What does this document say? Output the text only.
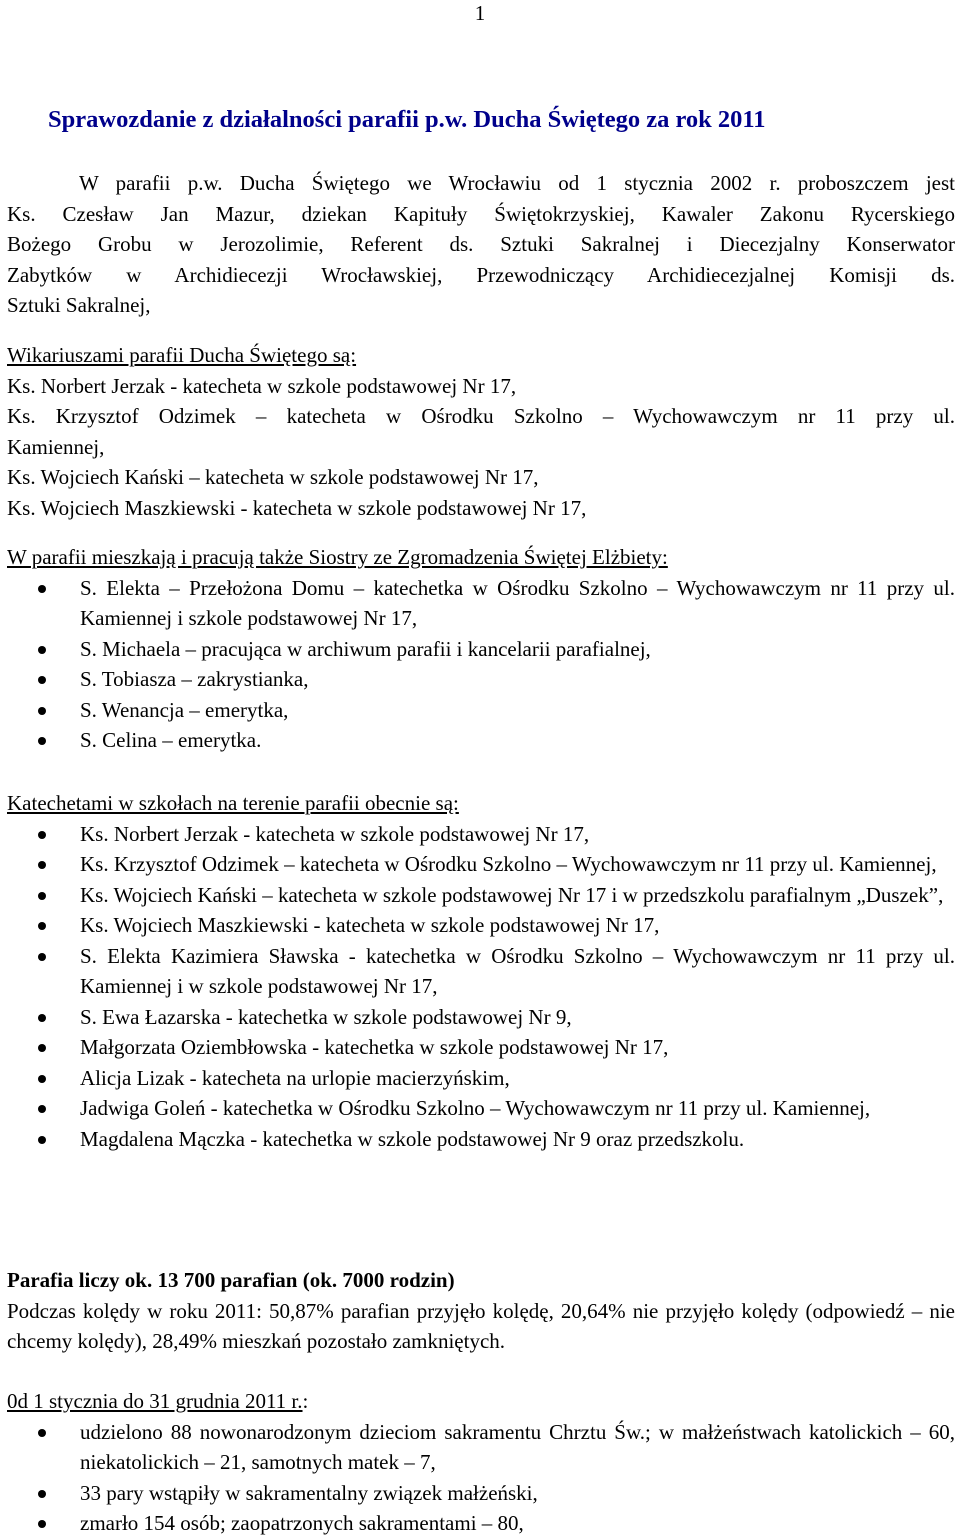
1
Sprawozdanie z działalności parafii p.w. Ducha Świętego za rok 2011
W parafii p.w. Ducha Świętego we Wrocławiu od 1 stycznia 2002 r. proboszczem jest
Ks. Czesław Jan Mazur, dziekan Kapituły Świętokrzyskiej, Kawaler Zakonu Rycerskiego
Bożego Grobu w Jerozolimie, Referent ds. Sztuki Sakralnej i Diecezjalny Konserwator
Zabytków w Archidiecezji Wrocławskiej, Przewodniczący Archidiecezjalnej Komisji ds.
Sztuki Sakralnej,
Wikariuszami parafii Ducha Świętego są:
Ks. Norbert Jerzak - katecheta w szkole podstawowej Nr 17,
Ks. Krzysztof Odzimek – katecheta w Ośrodku Szkolno – Wychowawczym nr 11 przy ul.
Kamiennej,
Ks. Wojciech Kański – katecheta w szkole podstawowej Nr 17,
Ks. Wojciech Maszkiewski - katecheta w szkole podstawowej Nr 17,
W parafii mieszkają i pracują także Siostry ze Zgromadzenia Świętej Elżbiety:
S. Elekta – Przełożona Domu – katechetka w Ośrodku Szkolno – Wychowawczym nr 11 przy ul. Kamiennej i szkole podstawowej Nr 17,
S. Michaela – pracująca w archiwum parafii i kancelarii parafialnej,
S. Tobiasza – zakrystianka,
S. Wenancja – emerytka,
S. Celina – emerytka.
Katechetami w szkołach na terenie parafii obecnie są:
Ks. Norbert Jerzak - katecheta w szkole podstawowej Nr 17,
Ks. Krzysztof Odzimek – katecheta w Ośrodku Szkolno – Wychowawczym nr 11 przy ul. Kamiennej,
Ks. Wojciech Kański – katecheta w szkole podstawowej Nr 17 i w przedszkolu parafialnym „Duszek”,
Ks. Wojciech Maszkiewski - katecheta w szkole podstawowej Nr 17,
S. Elekta Kazimiera Sławska - katechetka w Ośrodku Szkolno – Wychowawczym nr 11 przy ul. Kamiennej i w szkole podstawowej Nr 17,
S. Ewa Łazarska - katechetka w szkole podstawowej Nr 9,
Małgorzata Oziembłowska - katechetka w szkole podstawowej Nr 17,
Alicja Lizak - katecheta na urlopie macierzyńskim,
Jadwiga Goleń - katechetka w Ośrodku Szkolno – Wychowawczym nr 11 przy ul. Kamiennej,
Magdalena Mączka - katechetka w szkole podstawowej Nr 9 oraz przedszkolu.
Parafia liczy ok. 13 700 parafian (ok. 7000 rodzin)
Podczas kolędy w roku 2011: 50,87% parafian przyjęło kolędę, 20,64% nie przyjęło kolędy (odpowiedź – nie chcemy kolędy), 28,49% mieszkań pozostało zamkniętych.
0d 1 stycznia do 31 grudnia 2011 r.:
udzielono 88 nowonarodzonym dzieciom sakramentu Chrztu Św.; w małżeństwach katolickich – 60, niekatolickich – 21, samotnych matek – 7,
33 pary wstąpiły w sakramentalny związek małżeński,
zmarło 154 osób; zaopatrzonych sakramentami – 80,
